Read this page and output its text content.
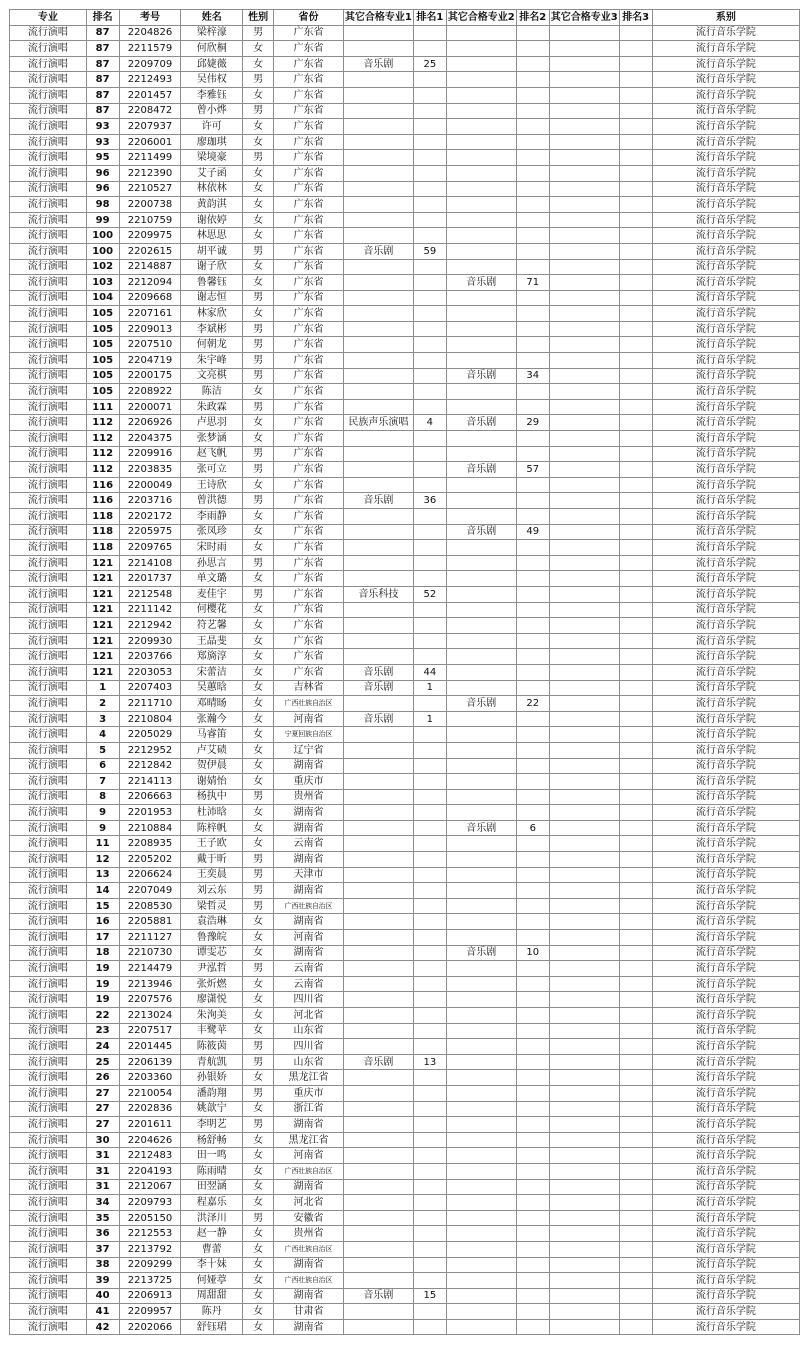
专业	排名	考号	姓名	性别	省份	其它合格专业1	排名1	其它合格专业2	排名2	其它合格专业3	排名3	系别
流行演唱	87	2204826	梁梓濠	男	广东省							流行音乐学院
流行演唱	87	2211579	何欣桐	女	广东省							流行音乐学院
流行演唱	87	2209709	邱婕薇	女	广东省	音乐剧	25					流行音乐学院
流行演唱	87	2212493	吴伟权	男	广东省							流行音乐学院
流行演唱	87	2201457	李雅钰	女	广东省							流行音乐学院
流行演唱	87	2208472	曾小烨	男	广东省							流行音乐学院
流行演唱	93	2207937	许可	女	广东省							流行音乐学院
流行演唱	93	2206001	廖珈琪	女	广东省							流行音乐学院
流行演唱	95	2211499	梁境豪	男	广东省							流行音乐学院
流行演唱	96	2212390	艾子函	女	广东省							流行音乐学院
流行演唱	96	2210527	林依林	女	广东省							流行音乐学院
流行演唱	98	2200738	黄韵淇	女	广东省							流行音乐学院
流行演唱	99	2210759	谢依婷	女	广东省							流行音乐学院
流行演唱	100	2209975	林思思	女	广东省							流行音乐学院
流行演唱	100	2202615	胡平诚	男	广东省	音乐剧	59					流行音乐学院
流行演唱	102	2214887	谢子欣	女	广东省							流行音乐学院
流行演唱	103	2212094	鲁馨钰	女	广东省			音乐剧	71			流行音乐学院
流行演唱	104	2209668	谢志恒	男	广东省							流行音乐学院
流行演唱	105	2207161	林家欣	女	广东省							流行音乐学院
流行演唱	105	2209013	李斌彬	男	广东省							流行音乐学院
流行演唱	105	2207510	何朝龙	男	广东省							流行音乐学院
流行演唱	105	2204719	朱宇峰	男	广东省							流行音乐学院
流行演唱	105	2200175	文亮棋	男	广东省			音乐剧	34			流行音乐学院
流行演唱	105	2208922	陈洁	女	广东省							流行音乐学院
流行演唱	111	2200071	朱政霖	男	广东省							流行音乐学院
流行演唱	112	2206926	卢思羽	女	广东省	民族声乐演唱	4	音乐剧	29			流行音乐学院
流行演唱	112	2204375	张梦涵	女	广东省							流行音乐学院
流行演唱	112	2209916	赵飞帆	男	广东省							流行音乐学院
流行演唱	112	2203835	张可立	男	广东省			音乐剧	57			流行音乐学院
流行演唱	116	2200049	王诗欣	女	广东省							流行音乐学院
流行演唱	116	2203716	曾洪德	男	广东省	音乐剧	36					流行音乐学院
流行演唱	118	2202172	李雨静	女	广东省							流行音乐学院
流行演唱	118	2205975	张凤珍	女	广东省			音乐剧	49			流行音乐学院
流行演唱	118	2209765	宋时雨	女	广东省							流行音乐学院
流行演唱	121	2214108	孙思言	男	广东省							流行音乐学院
流行演唱	121	2201737	单文璐	女	广东省							流行音乐学院
流行演唱	121	2212548	麦佳宇	男	广东省	音乐科技	52					流行音乐学院
流行演唱	121	2211142	何樱花	女	广东省							流行音乐学院
流行演唱	121	2212942	符艺馨	女	广东省							流行音乐学院
流行演唱	121	2209930	王晶斐	女	广东省							流行音乐学院
流行演唱	121	2203766	郑旖淳	女	广东省							流行音乐学院
流行演唱	121	2203053	宋蕾洁	女	广东省	音乐剧	44					流行音乐学院
流行演唱	1	2207403	吴蕙晗	女	吉林省	音乐剧	1					流行音乐学院
流行演唱	2	2211710	邓晴旸	女	广西壮族自治区			音乐剧	22			流行音乐学院
流行演唱	3	2210804	张瀚今	女	河南省	音乐剧	1					流行音乐学院
流行演唱	4	2205029	马睿笛	女	宁夏回族自治区							流行音乐学院
流行演唱	5	2212952	卢艾碛	女	辽宁省							流行音乐学院
流行演唱	6	2212842	贺伊晨	女	湖南省							流行音乐学院
流行演唱	7	2214113	谢婧怡	女	重庆市							流行音乐学院
流行演唱	8	2206663	杨执中	男	贵州省							流行音乐学院
流行演唱	9	2201953	杜沛晗	女	湖南省							流行音乐学院
流行演唱	9	2210884	陈梓帆	女	湖南省			音乐剧	6			流行音乐学院
流行演唱	11	2208935	王子欧	女	云南省							流行音乐学院
流行演唱	12	2205202	戴于昕	男	湖南省							流行音乐学院
流行演唱	13	2206624	王奕晨	男	天津市							流行音乐学院
流行演唱	14	2207049	刘云东	男	湖南省							流行音乐学院
流行演唱	15	2208530	梁哲灵	男	广西壮族自治区							流行音乐学院
流行演唱	16	2205881	袁浩琳	女	湖南省							流行音乐学院
流行演唱	17	2211127	鲁豫皖	女	河南省							流行音乐学院
流行演唱	18	2210730	谭雯芯	女	湖南省			音乐剧	10			流行音乐学院
流行演唱	19	2214479	尹泓哲	男	云南省							流行音乐学院
流行演唱	19	2213946	张炘燃	女	云南省							流行音乐学院
流行演唱	19	2207576	廖潇悦	女	四川省							流行音乐学院
流行演唱	22	2213024	朱洵美	女	河北省							流行音乐学院
流行演唱	23	2207517	丰鹭苹	女	山东省							流行音乐学院
流行演唱	24	2201445	陈筱茵	男	四川省							流行音乐学院
流行演唱	25	2206139	青航凯	男	山东省	音乐剧	13					流行音乐学院
流行演唱	26	2203360	孙银娇	女	黑龙江省							流行音乐学院
流行演唱	27	2210054	潘韵翔	男	重庆市							流行音乐学院
流行演唱	27	2202836	姚歆宁	女	浙江省							流行音乐学院
流行演唱	27	2201611	李明艺	男	湖南省							流行音乐学院
流行演唱	30	2204626	杨舒畅	女	黑龙江省							流行音乐学院
流行演唱	31	2212483	田一鸣	女	河南省							流行音乐学院
流行演唱	31	2204193	陈雨晴	女	广西壮族自治区							流行音乐学院
流行演唱	31	2212067	田翌涵	女	湖南省							流行音乐学院
流行演唱	34	2209793	程嘉乐	女	河北省							流行音乐学院
流行演唱	35	2205150	洪泽川	男	安徽省							流行音乐学院
流行演唱	36	2212553	赵一静	女	贵州省							流行音乐学院
流行演唱	37	2213792	曹蕾	女	广西壮族自治区							流行音乐学院
流行演唱	38	2209299	李十妹	女	湖南省							流行音乐学院
流行演唱	39	2213725	何娅葶	女	广西壮族自治区							流行音乐学院
流行演唱	40	2206913	周甜甜	女	湖南省	音乐剧	15					流行音乐学院
流行演唱	41	2209957	陈丹	女	甘肃省							流行音乐学院
流行演唱	42	2202066	舒钰珺	女	湖南省							流行音乐学院
